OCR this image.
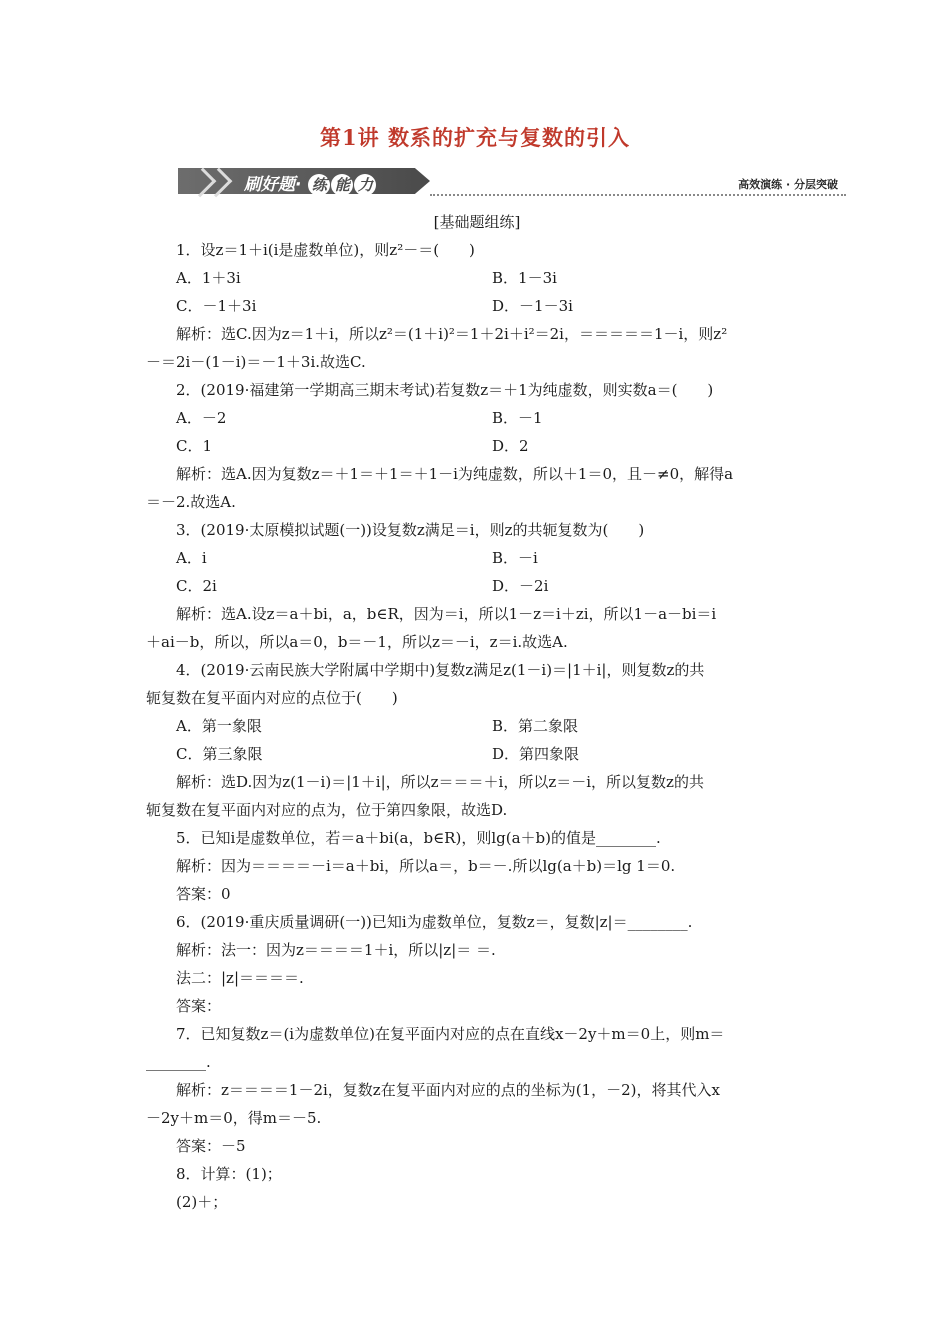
第1讲 数系的扩充与复数的引入
刷好题· 练 能 力	高效演练 · 分层突破
[基础题组练]

1．设z＝1＋i(i是虚数单位)，则z²－＝(　　)

A．1＋3i	B．1－3i
C．－1＋3i	D．－1－3i

解析：选C.因为z＝1＋i，所以z²＝(1＋i)²＝1＋2i＋i²＝2i，＝＝＝＝＝1－i，则z²

－＝2i－(1－i)＝－1＋3i.故选C.

2．(2019·福建第一学期高三期末考试)若复数z＝＋1为纯虚数，则实数a＝(　　)

A．－2	B．－1
C．1	D．2

解析：选A.因为复数z＝＋1＝＋1＝＋1－i为纯虚数，所以＋1＝0，且－≠0，解得a

＝－2.故选A.

3．(2019·太原模拟试题(一))设复数z满足＝i，则z的共轭复数为(　　)

A．i	B．－i
C．2i	D．－2i

解析：选A.设z＝a＋bi，a，b∈R，因为＝i，所以1－z＝i＋zi，所以1－a－bi＝i

＋ai－b，所以，所以a＝0，b＝－1，所以z＝－i，z＝i.故选A.

4．(2019·云南民族大学附属中学期中)复数z满足z(1－i)＝|1＋i|，则复数z的共

轭复数在复平面内对应的点位于(　　)

A．第一象限	B．第二象限
C．第三象限	D．第四象限

解析：选D.因为z(1－i)＝|1＋i|，所以z＝＝＝＋i，所以z＝－i，所以复数z的共

轭复数在复平面内对应的点为，位于第四象限，故选D.

5．已知i是虚数单位，若＝a＋bi(a，b∈R)，则lg(a＋b)的值是________.

解析：因为＝＝＝＝－i＝a＋bi，所以a＝，b＝－.所以lg(a＋b)＝lg 1＝0.

答案：0

6．(2019·重庆质量调研(一))已知i为虚数单位，复数z＝，复数|z|＝________.

解析：法一：因为z＝＝＝＝1＋i，所以|z|＝ ＝.

法二：|z|＝＝＝＝.

答案：

7．已知复数z＝(i为虚数单位)在复平面内对应的点在直线x－2y＋m＝0上，则m＝

________.

解析：z＝＝＝＝1－2i，复数z在复平面内对应的点的坐标为(1，－2)，将其代入x

－2y＋m＝0，得m＝－5.

答案：－5

8．计算：(1)；

(2)＋；
